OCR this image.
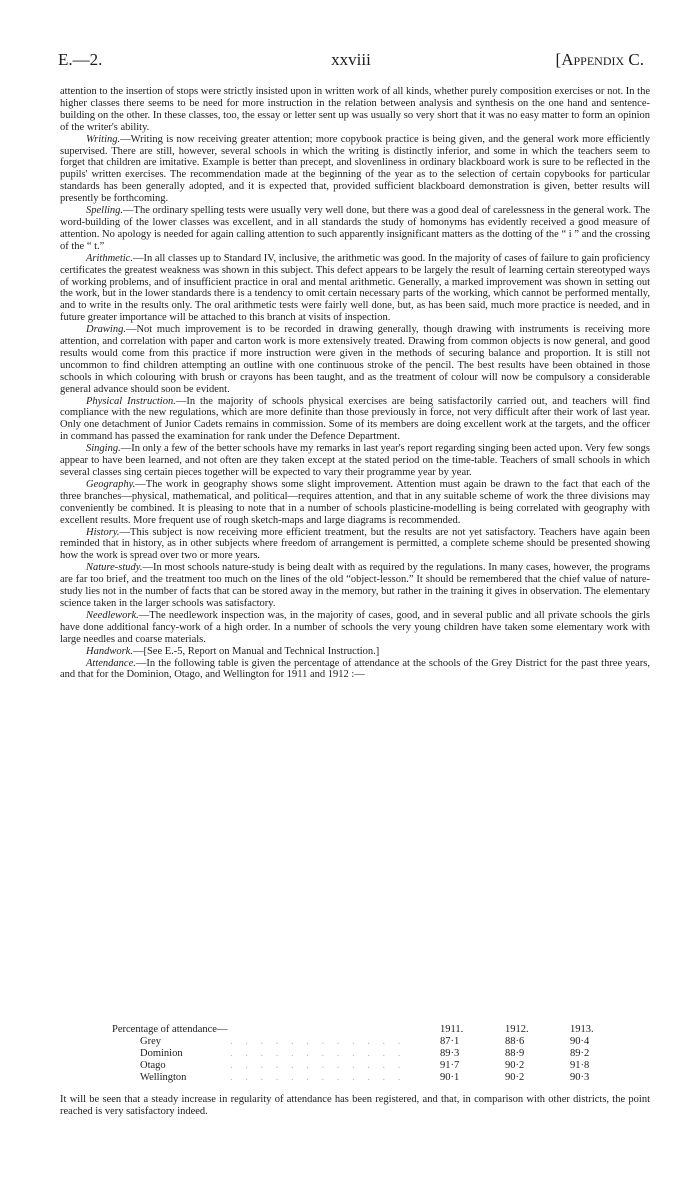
E.—2.	xxviii	[Appendix C.

attention to the insertion of stops were strictly insisted upon in written work of all kinds, whether purely composition exercises or not. In the higher classes there seems to be need for more instruction in the relation between analysis and synthesis on the one hand and sentence-building on the other. In these classes, too, the essay or letter sent up was usually so very short that it was no easy matter to form an opinion of the writer's ability.

Writing.—Writing is now receiving greater attention; more copybook practice is being given, and the general work more efficiently supervised. There are still, however, several schools in which the writing is distinctly inferior, and some in which the teachers seem to forget that children are imitative. Example is better than precept, and slovenliness in ordinary blackboard work is sure to be reflected in the pupils' written exercises. The recommendation made at the beginning of the year as to the selection of certain copybooks for particular standards has been generally adopted, and it is expected that, provided sufficient blackboard demonstration is given, better results will presently be forthcoming.

Spelling.—The ordinary spelling tests were usually very well done, but there was a good deal of carelessness in the general work. The word-building of the lower classes was excellent, and in all standards the study of homonyms has evidently received a good measure of attention. No apology is needed for again calling attention to such apparently insignificant matters as the dotting of the “ i ” and the crossing of the “ t.”

Arithmetic.—In all classes up to Standard IV, inclusive, the arithmetic was good. In the majority of cases of failure to gain proficiency certificates the greatest weakness was shown in this subject. This defect appears to be largely the result of learning certain stereotyped ways of working problems, and of insufficient practice in oral and mental arithmetic. Generally, a marked improvement was shown in setting out the work, but in the lower standards there is a tendency to omit certain necessary parts of the working, which cannot be performed mentally, and to write in the results only. The oral arithmetic tests were fairly well done, but, as has been said, much more practice is needed, and in future greater importance will be attached to this branch at visits of inspection.

Drawing.—Not much improvement is to be recorded in drawing generally, though drawing with instruments is receiving more attention, and correlation with paper and carton work is more extensively treated. Drawing from common objects is now general, and good results would come from this practice if more instruction were given in the methods of securing balance and proportion. It is still not uncommon to find children attempting an outline with one continuous stroke of the pencil. The best results have been obtained in those schools in which colouring with brush or crayons has been taught, and as the treatment of colour will now be compulsory a considerable general advance should soon be evident.

Physical Instruction.—In the majority of schools physical exercises are being satisfactorily carried out, and teachers will find compliance with the new regulations, which are more definite than those previously in force, not very difficult after their work of last year. Only one detachment of Junior Cadets remains in commission. Some of its members are doing excellent work at the targets, and the officer in command has passed the examination for rank under the Defence Department.

Singing.—In only a few of the better schools have my remarks in last year's report regarding singing been acted upon. Very few songs appear to have been learned, and not often are they taken except at the stated period on the time-table. Teachers of small schools in which several classes sing certain pieces together will be expected to vary their programme year by year.

Geography.—The work in geography shows some slight improvement. Attention must again be drawn to the fact that each of the three branches—physical, mathematical, and political—requires attention, and that in any suitable scheme of work the three divisions may conveniently be combined. It is pleasing to note that in a number of schools plasticine-modelling is being correlated with geography with excellent results. More frequent use of rough sketch-maps and large diagrams is recommended.

History.—This subject is now receiving more efficient treatment, but the results are not yet satisfactory. Teachers have again been reminded that in history, as in other subjects where freedom of arrangement is permitted, a complete scheme should be presented showing how the work is spread over two or more years.

Nature-study.—In most schools nature-study is being dealt with as required by the regulations. In many cases, however, the programs are far too brief, and the treatment too much on the lines of the old “object-lesson.” It should be remembered that the chief value of nature-study lies not in the number of facts that can be stored away in the memory, but rather in the training it gives in observation. The elementary science taken in the larger schools was satisfactory.

Needlework.—The needlework inspection was, in the majority of cases, good, and in several public and all private schools the girls have done additional fancy-work of a high order. In a number of schools the very young children have taken some elementary work with large needles and coarse materials.

Handwork.—[See E.-5, Report on Manual and Technical Instruction.]

Attendance.—In the following table is given the percentage of attendance at the schools of the Grey District for the past three years, and that for the Dominion, Otago, and Wellington for 1911 and 1912 :—

Percentage of attendance—	1911.	1912.	1913.
Grey	. . . . . . . . . . . .	87·1	88·6	90·4
Dominion	. . . . . . . . . . . .	89·3	88·9	89·2
Otago	. . . . . . . . . . . .	91·7	90·2	91·8
Wellington	. . . . . . . . . . . .	90·1	90·2	90·3
It will be seen that a steady increase in regularity of attendance has been registered, and that, in comparison with other districts, the point reached is very satisfactory indeed.
